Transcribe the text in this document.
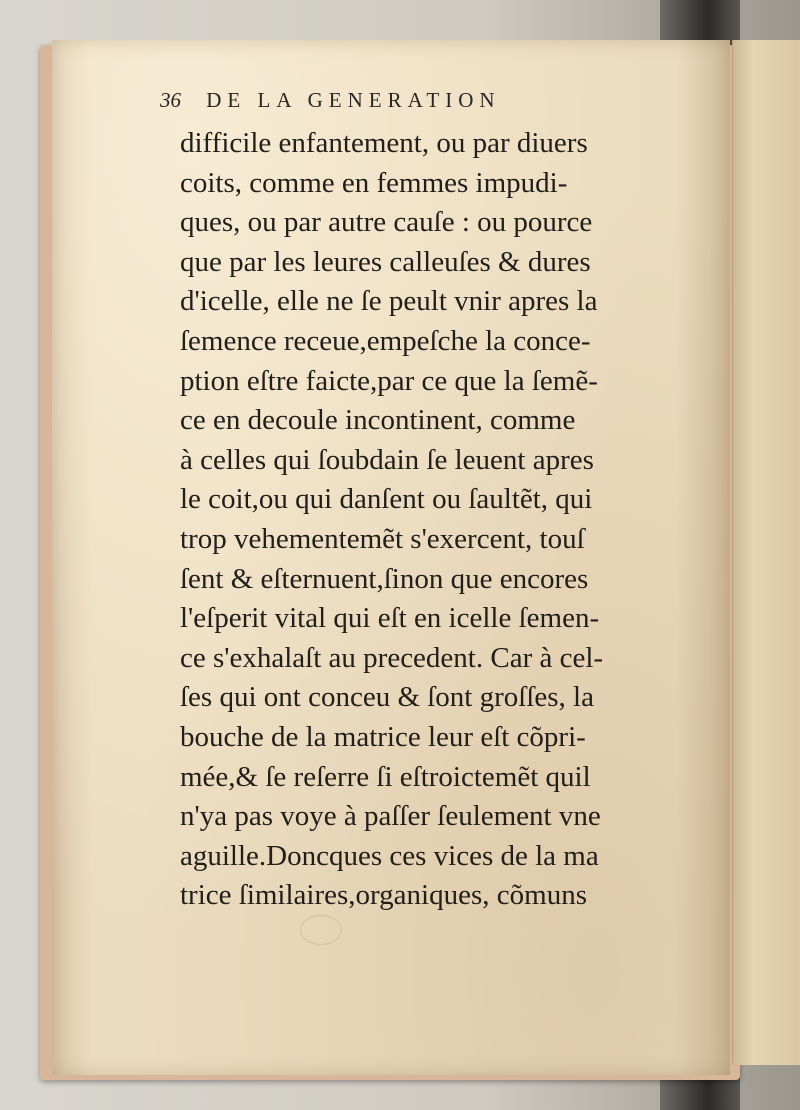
36 DE LA GENERATION
difficile enfantement, ou par diuers
coits, comme en femmes impudi-
ques, ou par autre cauſe : ou pource
que par les leures calleuſes & dures
d'icelle, elle ne ſe peult vnir apres la
ſemence receue,empeſche la conce-
ption eſtre faicte,par ce que la ſemẽ-
ce en decoule incontinent, comme
à celles qui ſoubdain ſe leuent apres
le coit,ou qui danſent ou ſaultẽt, qui
trop vehementemẽt s'exercent, touſ
ſent & eſternuent,ſinon que encores
l'eſperit vital qui eſt en icelle ſemen-
ce s'exhalaſt au precedent. Car à cel-
ſes qui ont conceu & ſont groſſes, la
bouche de la matrice leur eſt cõpri-
mée,& ſe reſerre ſi eſtroictemẽt quil
n'ya pas voye à paſſer ſeulement vne
aguille.Doncques ces vices de la ma
trice ſimilaires,organiques, cõmuns
